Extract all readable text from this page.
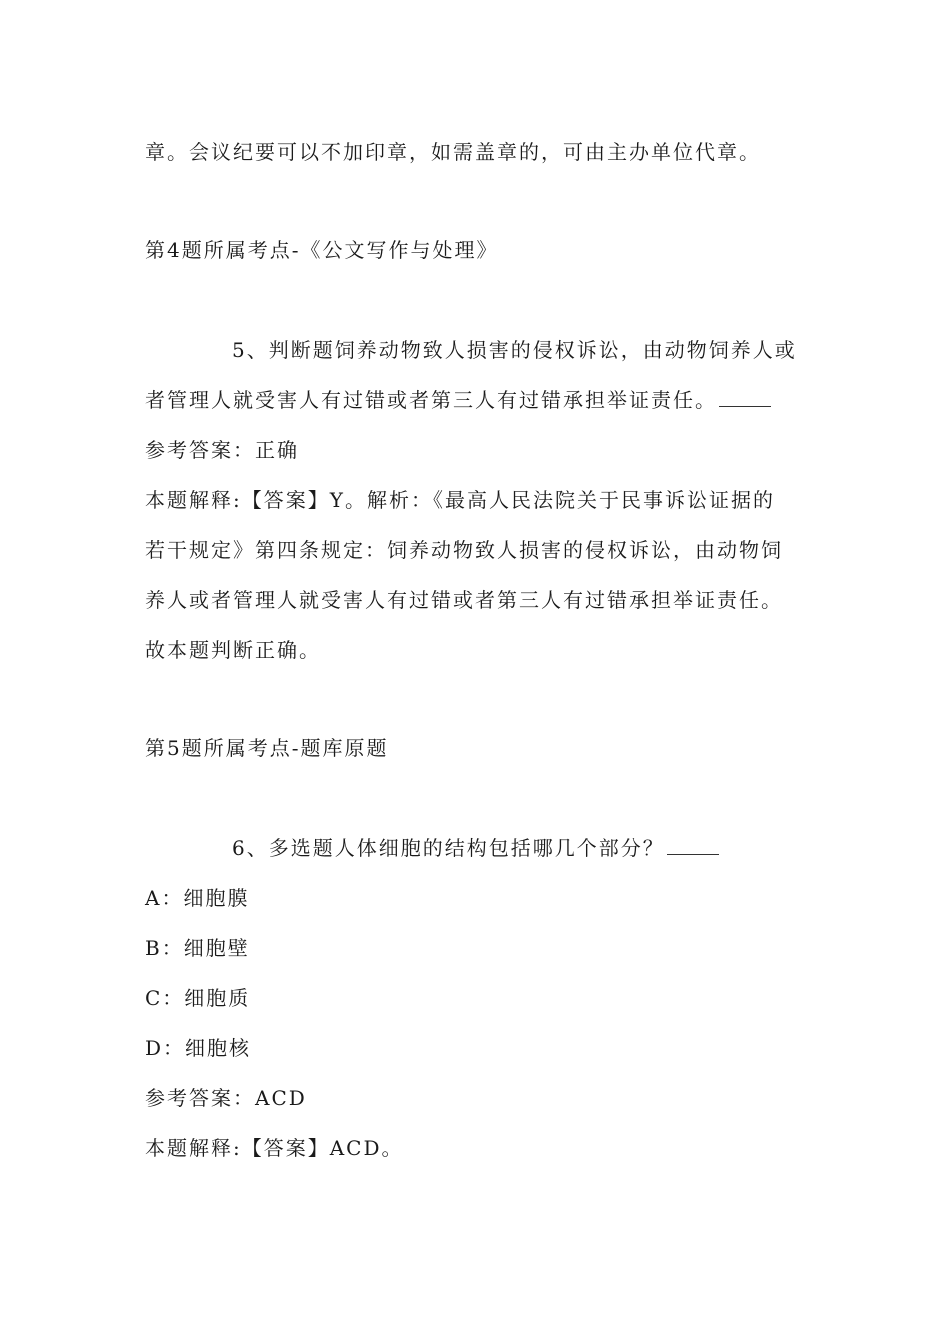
章。会议纪要可以不加印章，如需盖章的，可由主办单位代章。
第4题所属考点-《公文写作与处理》
5、判断题饲养动物致人损害的侵权诉讼，由动物饲养人或
者管理人就受害人有过错或者第三人有过错承担举证责任。
参考答案：正确
本题解释:【答案】Y。解析：《最高人民法院关于民事诉讼证据的
若干规定》第四条规定：饲养动物致人损害的侵权诉讼，由动物饲
养人或者管理人就受害人有过错或者第三人有过错承担举证责任。
故本题判断正确。
第5题所属考点-题库原题
6、多选题人体细胞的结构包括哪几个部分？
A：细胞膜
B：细胞壁
C：细胞质
D：细胞核
参考答案：ACD
本题解释:【答案】ACD。
